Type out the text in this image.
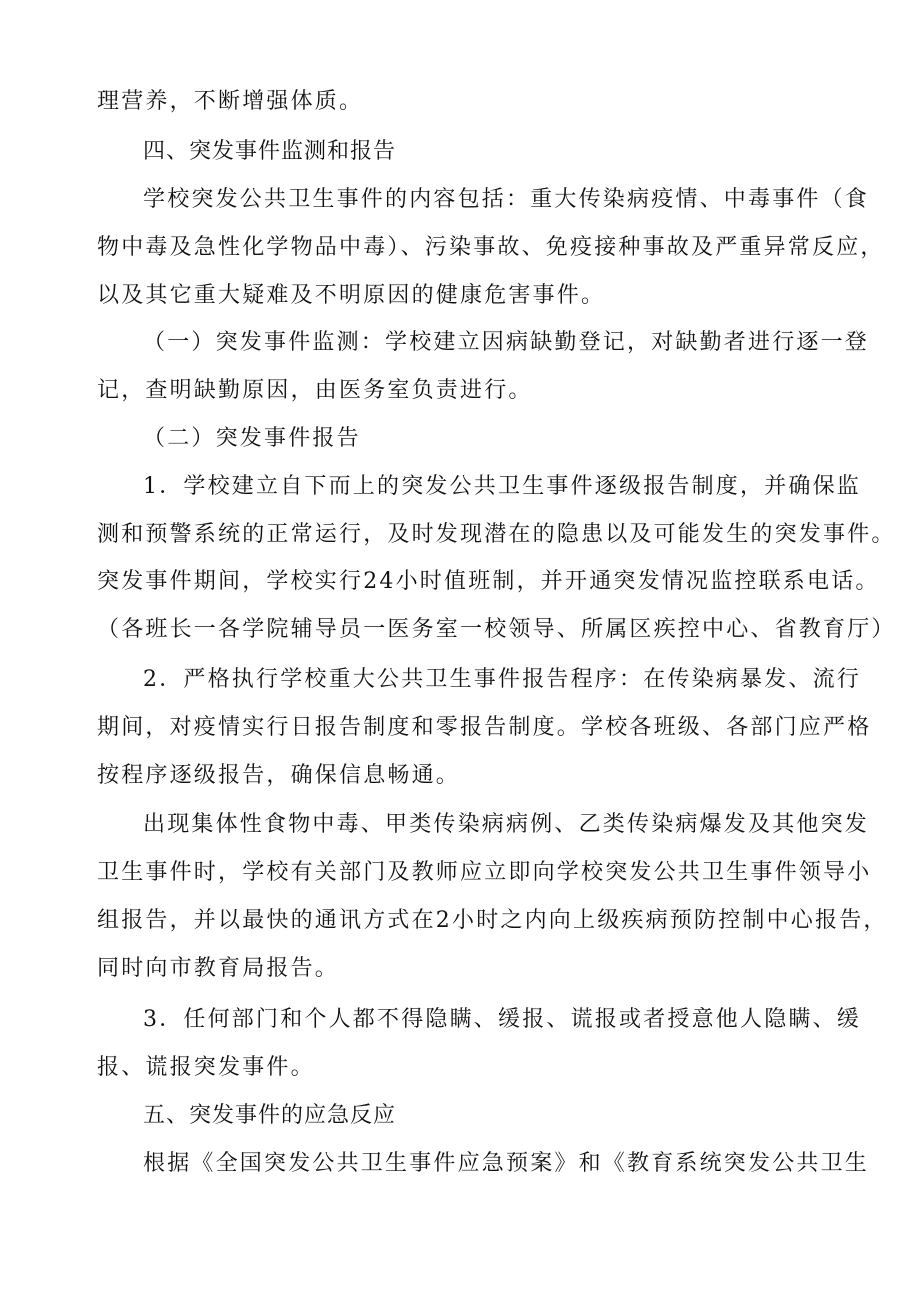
理营养，不断增强体质。
四、突发事件监测和报告
学校突发公共卫生事件的内容包括：重大传染病疫情、中毒事件（食
物中毒及急性化学物品中毒）、污染事故、免疫接种事故及严重异常反应，
以及其它重大疑难及不明原因的健康危害事件。
（一）突发事件监测：学校建立因病缺勤登记，对缺勤者进行逐一登
记，查明缺勤原因，由医务室负责进行。
（二）突发事件报告
1．学校建立自下而上的突发公共卫生事件逐级报告制度，并确保监
测和预警系统的正常运行，及时发现潜在的隐患以及可能发生的突发事件。
突发事件期间，学校实行24小时值班制，并开通突发情况监控联系电话。
（各班长一各学院辅导员一医务室一校领导、所属区疾控中心、省教育厅）
2．严格执行学校重大公共卫生事件报告程序：在传染病暴发、流行
期间，对疫情实行日报告制度和零报告制度。学校各班级、各部门应严格
按程序逐级报告，确保信息畅通。
出现集体性食物中毒、甲类传染病病例、乙类传染病爆发及其他突发
卫生事件时，学校有关部门及教师应立即向学校突发公共卫生事件领导小
组报告，并以最快的通讯方式在2小时之内向上级疾病预防控制中心报告，
同时向市教育局报告。
3．任何部门和个人都不得隐瞒、缓报、谎报或者授意他人隐瞒、缓
报、谎报突发事件。
五、突发事件的应急反应
根据《全国突发公共卫生事件应急预案》和《教育系统突发公共卫生
